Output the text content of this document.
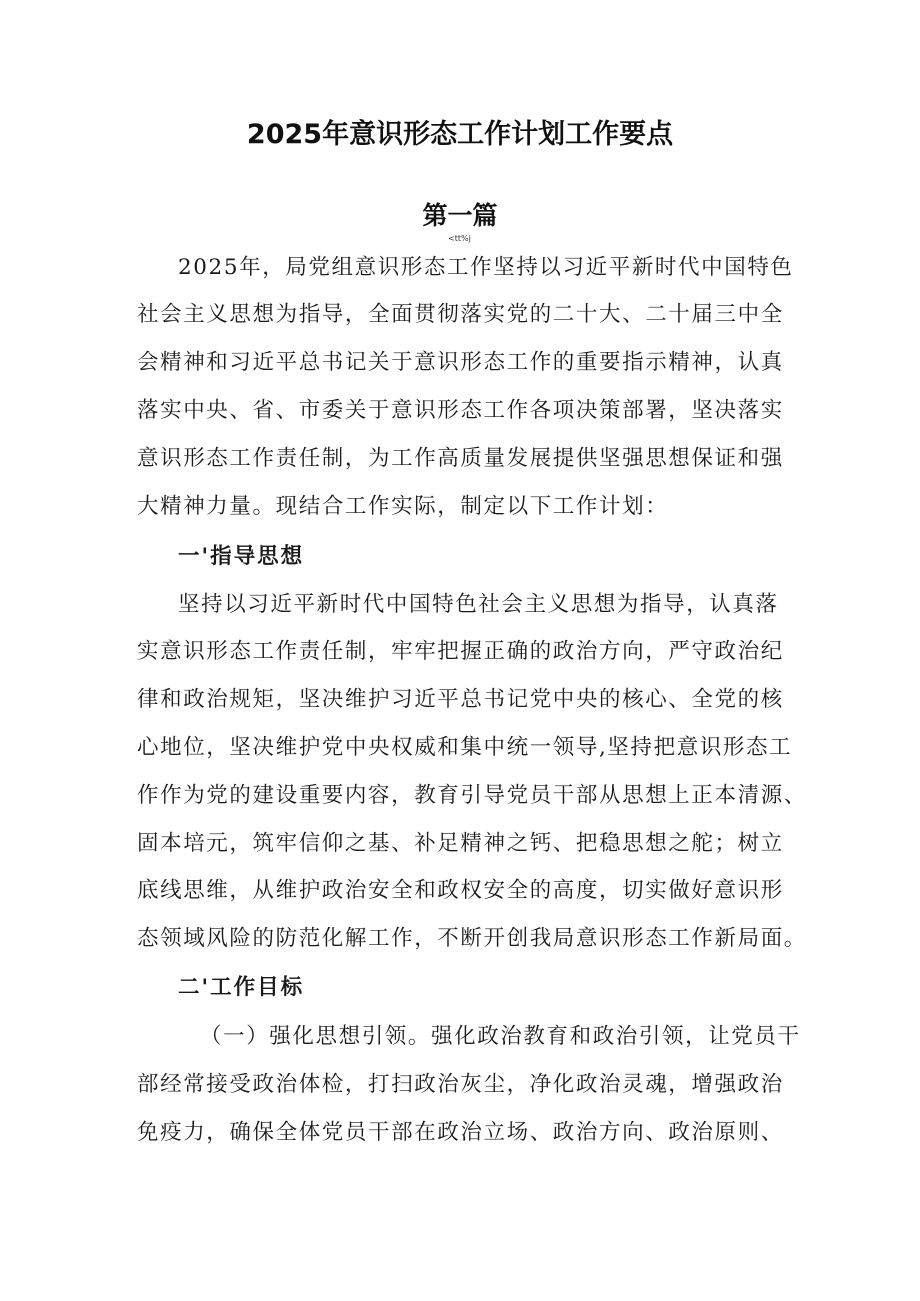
2025年意识形态工作计划工作要点
第一篇
<tt%j
2025年，局党组意识形态工作坚持以习近平新时代中国特色
社会主义思想为指导，全面贯彻落实党的二十大、二十届三中全
会精神和习近平总书记关于意识形态工作的重要指示精神，认真
落实中央、省、市委关于意识形态工作各项决策部署，坚决落实
意识形态工作责任制，为工作高质量发展提供坚强思想保证和强
大精神力量。现结合工作实际，制定以下工作计划：
一'指导思想
坚持以习近平新时代中国特色社会主义思想为指导，认真落
实意识形态工作责任制，牢牢把握正确的政治方向，严守政治纪
律和政治规矩，坚决维护习近平总书记党中央的核心、全党的核
心地位，坚决维护党中央权威和集中统一领导,坚持把意识形态工
作作为党的建设重要内容，教育引导党员干部从思想上正本清源、
固本培元，筑牢信仰之基、补足精神之钙、把稳思想之舵；树立
底线思维，从维护政治安全和政权安全的高度，切实做好意识形
态领域风险的防范化解工作，不断开创我局意识形态工作新局面。
二'工作目标
（一）强化思想引领。强化政治教育和政治引领，让党员干
部经常接受政治体检，打扫政治灰尘，净化政治灵魂，增强政治
免疫力，确保全体党员干部在政治立场、政治方向、政治原则、
